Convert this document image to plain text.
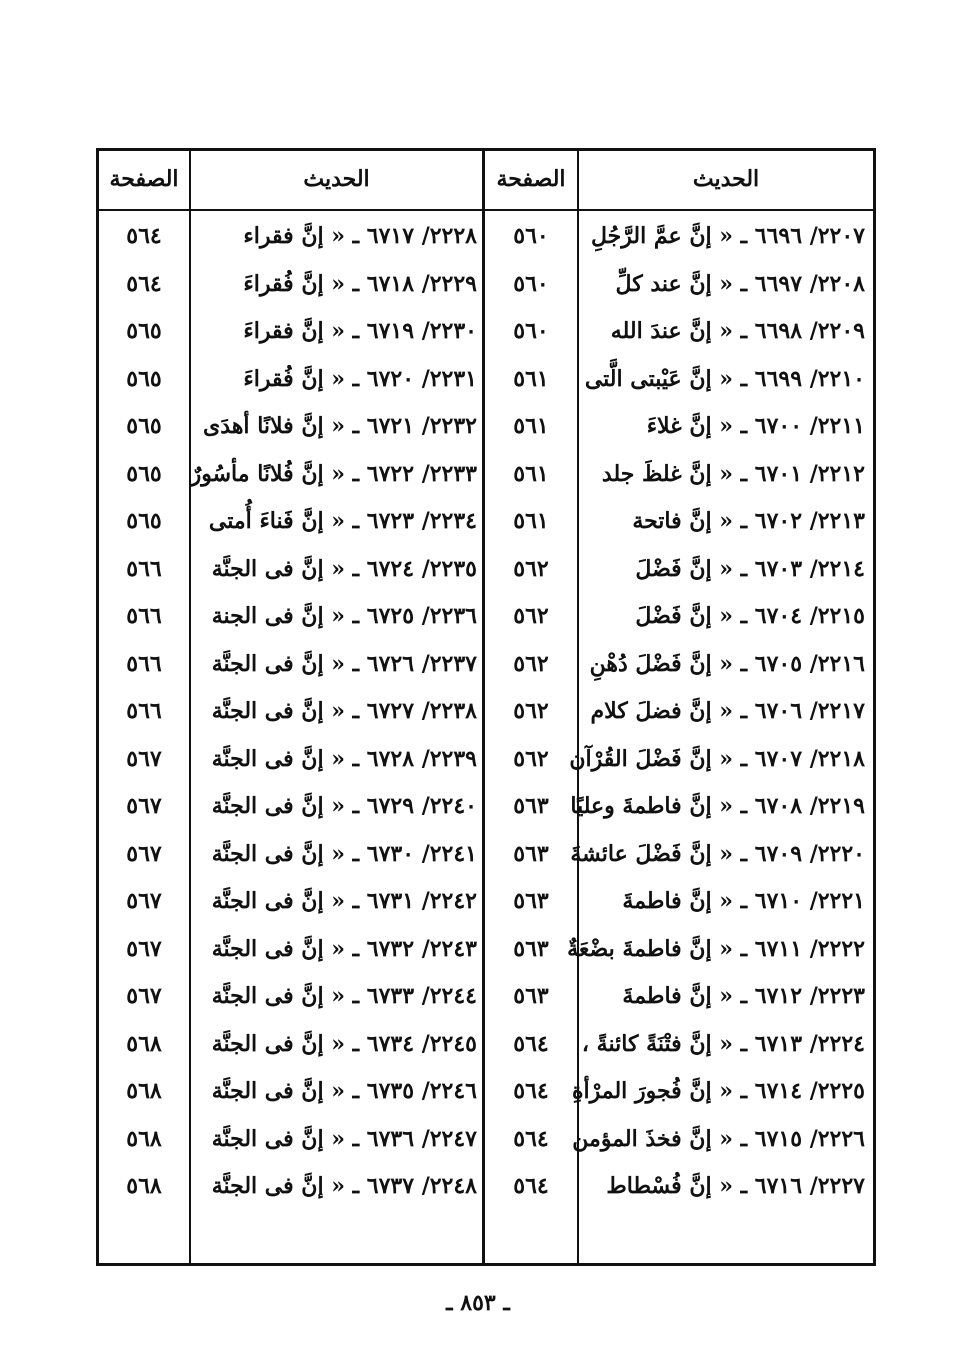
الصفحة	الحديث	الصفحة	الحديث
٥٦٤	٢٢٢٨/ ٦٧١٧ ـ « إنَّ فقراء	٥٦٠	٢٢٠٧/ ٦٦٩٦ ـ « إنَّ عمَّ الرَّجُلِ
٥٦٤	٢٢٢٩/ ٦٧١٨ ـ « إنَّ فُقراءَ	٥٦٠	٢٢٠٨/ ٦٦٩٧ ـ « إنَّ عند كلِّ
٥٦٥	٢٢٣٠/ ٦٧١٩ ـ « إنَّ فقراءَ	٥٦٠	٢٢٠٩/ ٦٦٩٨ ـ « إنَّ عندَ الله
٥٦٥	٢٢٣١/ ٦٧٢٠ ـ « إنَّ فُقراءَ	٥٦١	٢٢١٠/ ٦٦٩٩ ـ « إنَّ عَيْبتى الَّتى
٥٦٥	٢٢٣٢/ ٦٧٢١ ـ « إنَّ فلانًا أهدَى	٥٦١	٢٢١١/ ٦٧٠٠ ـ « إنَّ غلاءَ
٥٦٥	٢٢٣٣/ ٦٧٢٢ ـ « إنَّ فُلانًا مأسُورٌ	٥٦١	٢٢١٢/ ٦٧٠١ ـ « إنَّ غلظَ جلد
٥٦٥	٢٢٣٤/ ٦٧٢٣ ـ « إنَّ فَناءَ أُمتى	٥٦١	٢٢١٣/ ٦٧٠٢ ـ « إنَّ فاتحة
٥٦٦	٢٢٣٥/ ٦٧٢٤ ـ « إنَّ فى الجنَّة	٥٦٢	٢٢١٤/ ٦٧٠٣ ـ « إنَّ فَضْلَ
٥٦٦	٢٢٣٦/ ٦٧٢٥ ـ « إنَّ فى الجنة	٥٦٢	٢٢١٥/ ٦٧٠٤ ـ « إنَّ فَضْلَ
٥٦٦	٢٢٣٧/ ٦٧٢٦ ـ « إنَّ فى الجنَّة	٥٦٢	٢٢١٦/ ٦٧٠٥ ـ « إنَّ فَضْلَ دُهْنِ
٥٦٦	٢٢٣٨/ ٦٧٢٧ ـ « إنَّ فى الجنَّة	٥٦٢	٢٢١٧/ ٦٧٠٦ ـ « إنَّ فضلَ كلام
٥٦٧	٢٢٣٩/ ٦٧٢٨ ـ « إنَّ فى الجنَّة	٥٦٢ ٢٢١٨/ ٦٧٠٧ ـ « إنَّ فَضْلَ القُرْآن
٥٦٧	٢٢٤٠/ ٦٧٢٩ ـ « إنَّ فى الجنَّة	٥٦٣ ٢٢١٩/ ٦٧٠٨ ـ « إنَّ فاطمةَ وعليًا
٥٦٧	٢٢٤١/ ٦٧٣٠ ـ « إنَّ فى الجنَّة	٥٦٣ ٢٢٢٠/ ٦٧٠٩ ـ « إنَّ فَضْلَ عائشةَ
٥٦٧	٢٢٤٢/ ٦٧٣١ ـ « إنَّ فى الجنَّة	٥٦٣	٢٢٢١/ ٦٧١٠ ـ « إنَّ فاطمةَ
٥٦٧	٢٢٤٣/ ٦٧٣٢ ـ « إنَّ فى الجنَّة	٥٦٣ ٢٢٢٢/ ٦٧١١ ـ « إنَّ فاطمةَ بضْعَةٌ
٥٦٧	٢٢٤٤/ ٦٧٣٣ ـ « إنَّ فى الجنَّة	٥٦٣	٢٢٢٣/ ٦٧١٢ ـ « إنَّ فاطمةَ
٥٦٨	٢٢٤٥/ ٦٧٣٤ ـ « إنَّ فى الجنَّة	٥٦٤	٢٢٢٤/ ٦٧١٣ ـ « إنَّ فتْنَةً كائنةً ،
٥٦٨	٢٢٤٦/ ٦٧٣٥ ـ « إنَّ فى الجنَّة	٥٦٤	٢٢٢٥/ ٦٧١٤ ـ « إنَّ فُجورَ المرْأةِ
٥٦٨	٢٢٤٧/ ٦٧٣٦ ـ « إنَّ فى الجنَّة	٥٦٤	٢٢٢٦/ ٦٧١٥ ـ « إنَّ فخذَ المؤمن
٥٦٨	٢٢٤٨/ ٦٧٣٧ ـ « إنَّ فى الجنَّة	٥٦٤	٢٢٢٧/ ٦٧١٦ ـ « إنَّ فُسْطاط
ـ ٨٥٣ ـ
